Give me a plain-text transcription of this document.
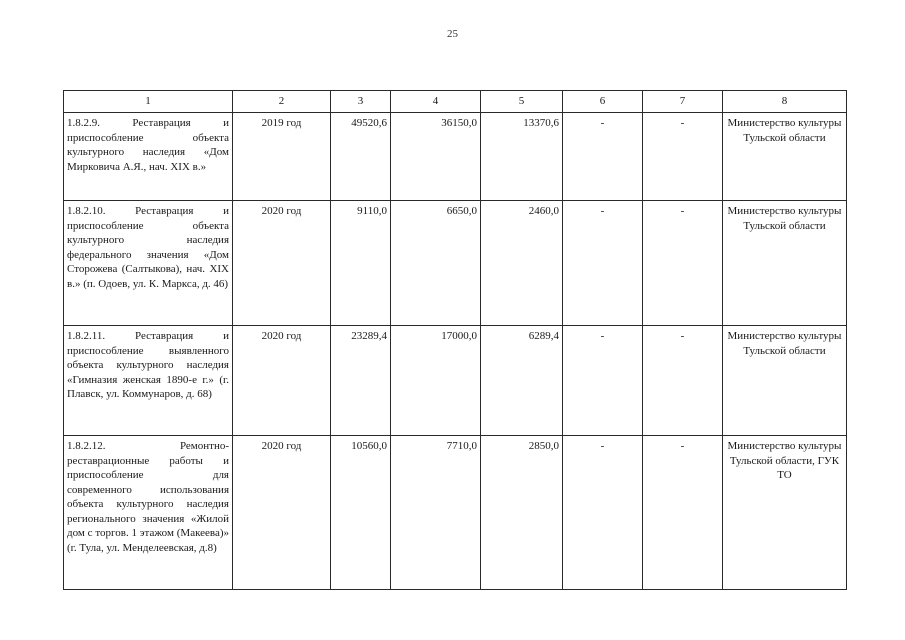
25
1	2	3	4	5	6	7	8
1.8.2.9. Реставрация и приспособление объекта культурного наследия «Дом Мирковича А.Я., нач. XIX в.»	2019 год	49520,6	36150,0	13370,6	-	-	Министерство культуры Тульской области
1.8.2.10. Реставрация и приспособление объекта культурного наследия федерального значения «Дом Сторожева (Салтыкова), нач. XIX в.» (п. Одоев, ул. К. Маркса, д. 46)	2020 год	9110,0	6650,0	2460,0	-	-	Министерство культуры Тульской области
1.8.2.11. Реставрация и приспособление выявленного объекта культурного наследия «Гимназия женская 1890-е г.» (г. Плавск, ул. Коммунаров, д. 68)	2020 год	23289,4	17000,0	6289,4	-	-	Министерство культуры Тульской области
1.8.2.12. Ремонтно-реставрационные работы и приспособление для современного использования объекта культурного наследия регионального значения «Жилой дом с торгов. 1 этажом (Макеева)» (г. Тула, ул. Менделеевская, д.8)	2020 год	10560,0	7710,0	2850,0	-	-	Министерство культуры Тульской области, ГУК ТО
